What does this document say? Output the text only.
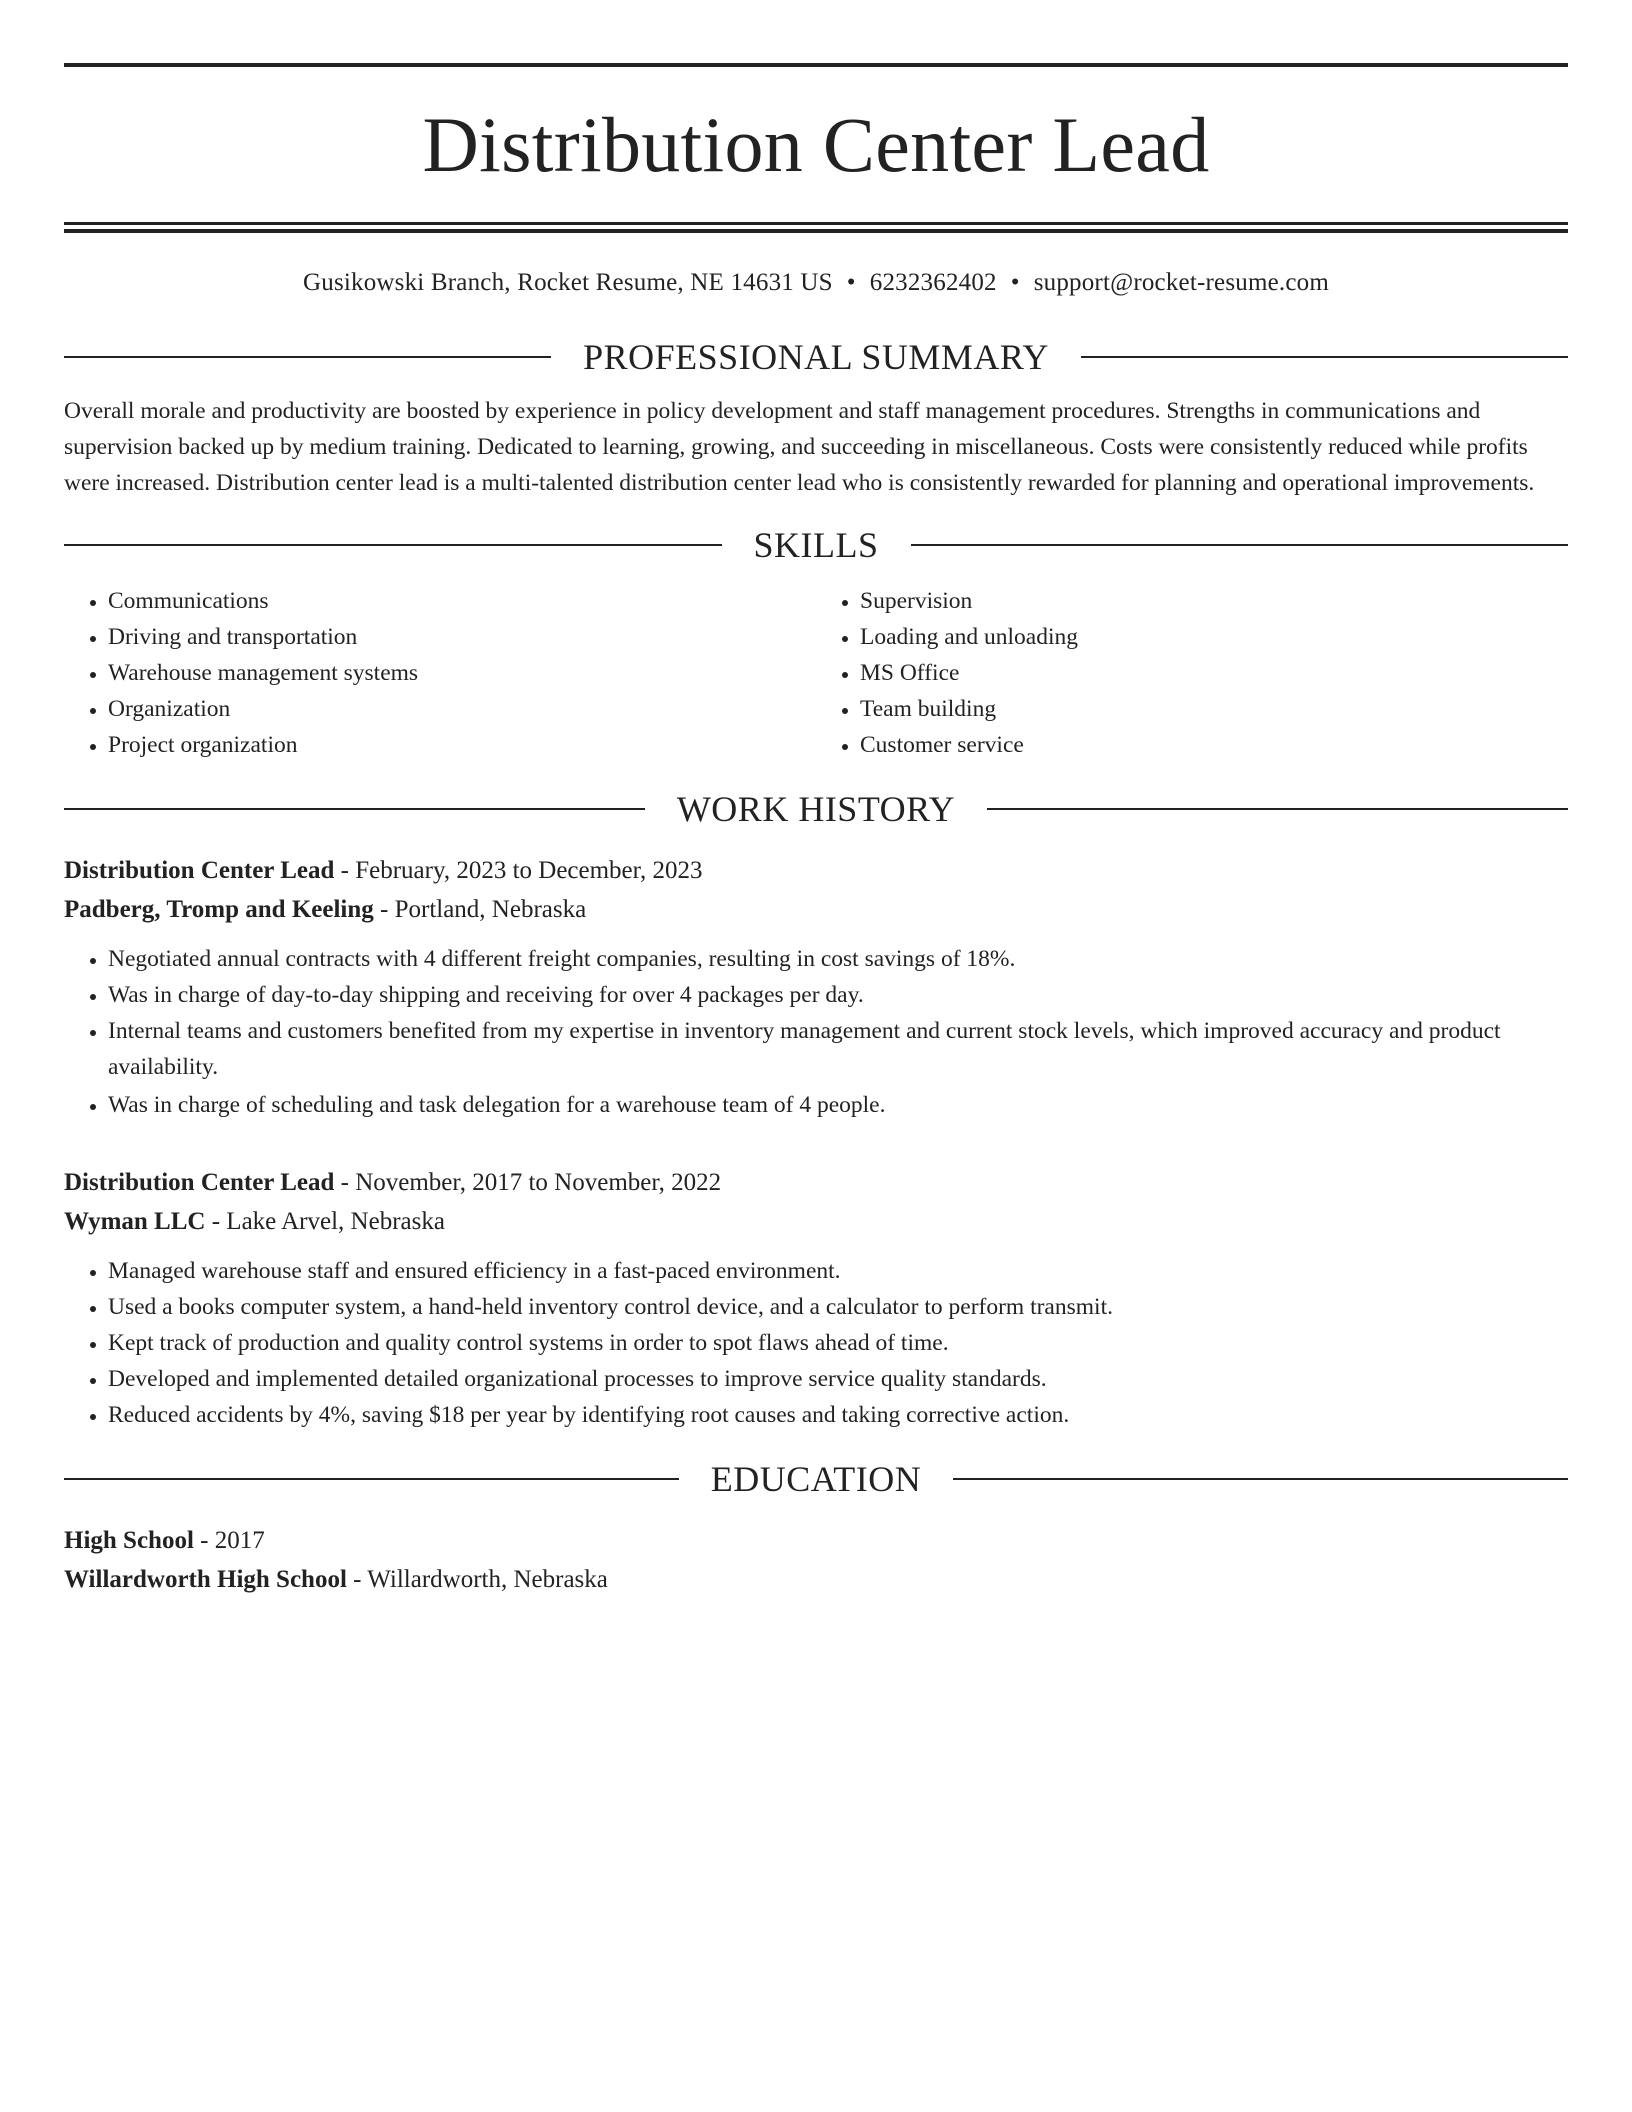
Distribution Center Lead
Gusikowski Branch, Rocket Resume, NE 14631 US • 6232362402 • support@rocket-resume.com
PROFESSIONAL SUMMARY

Overall morale and productivity are boosted by experience in policy development and staff management procedures. Strengths in communications and supervision backed up by medium training. Dedicated to learning, growing, and succeeding in miscellaneous. Costs were consistently reduced while profits were increased. Distribution center lead is a multi-talented distribution center lead who is consistently rewarded for planning and operational improvements.

SKILLS
• Communications
• Driving and transportation
• Warehouse management systems
• Organization
• Project organization
• Supervision
• Loading and unloading
• MS Office
• Team building
• Customer service
WORK HISTORY
Distribution Center Lead - February, 2023 to December, 2023
Padberg, Tromp and Keeling - Portland, Nebraska
• Negotiated annual contracts with 4 different freight companies, resulting in cost savings of 18%.
• Was in charge of day-to-day shipping and receiving for over 4 packages per day.
• Internal teams and customers benefited from my expertise in inventory management and current stock levels, which improved accuracy and product availability.
• Was in charge of scheduling and task delegation for a warehouse team of 4 people.
Distribution Center Lead - November, 2017 to November, 2022
Wyman LLC - Lake Arvel, Nebraska
• Managed warehouse staff and ensured efficiency in a fast-paced environment.
• Used a books computer system, a hand-held inventory control device, and a calculator to perform transmit.
• Kept track of production and quality control systems in order to spot flaws ahead of time.
• Developed and implemented detailed organizational processes to improve service quality standards.
• Reduced accidents by 4%, saving $18 per year by identifying root causes and taking corrective action.
EDUCATION
High School - 2017
Willardworth High School - Willardworth, Nebraska
